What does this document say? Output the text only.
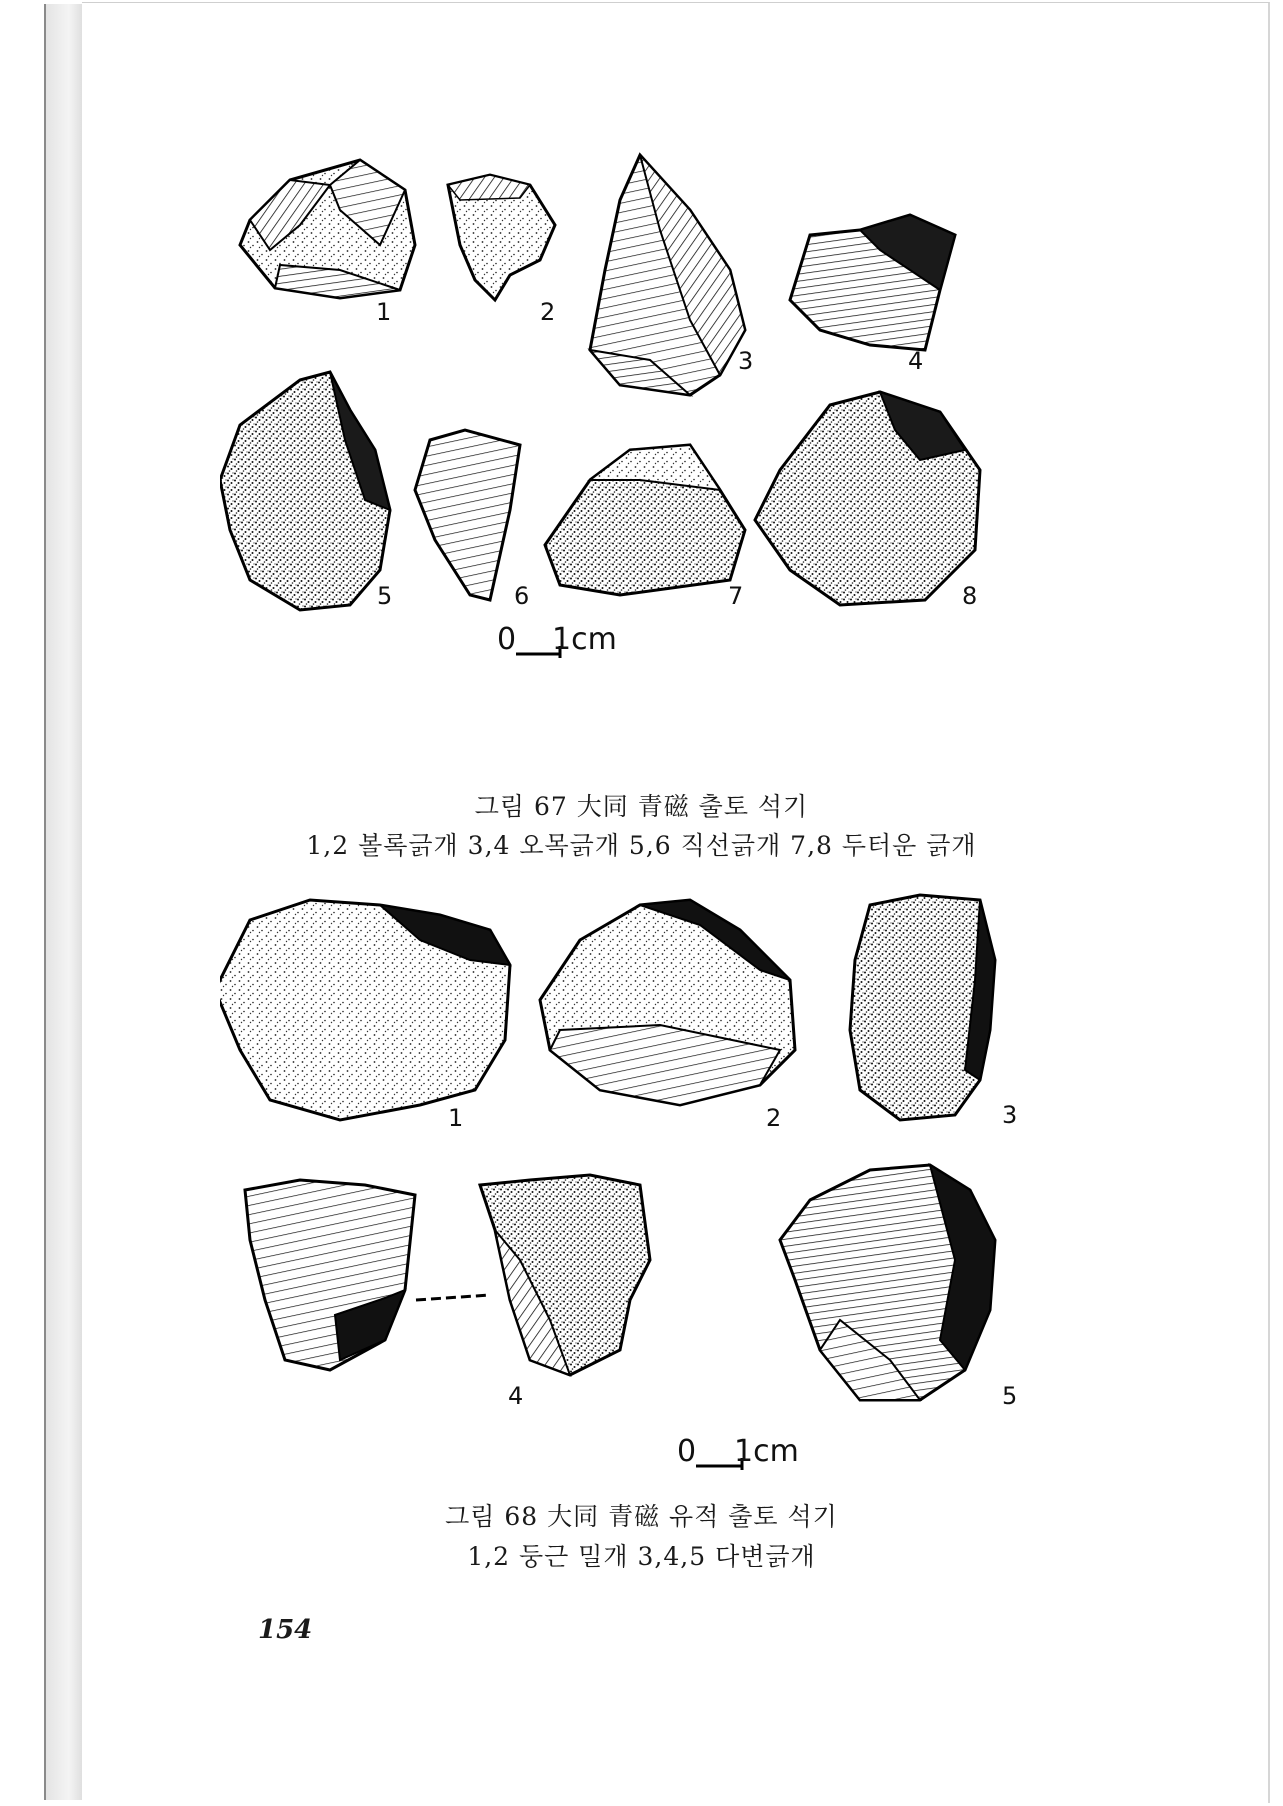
1	2
3	4
5	6	7	8
0 1cm
그림 67 大同 青磁 출토 석기
1,2 볼록긁개 3,4 오목긁개 5,6 직선긁개 7,8 두터운 긁개
1	2	3
4	5
0 1cm
그림 68 大同 青磁 유적 출토 석기
1,2 둥근 밀개 3,4,5 다변긁개
154
